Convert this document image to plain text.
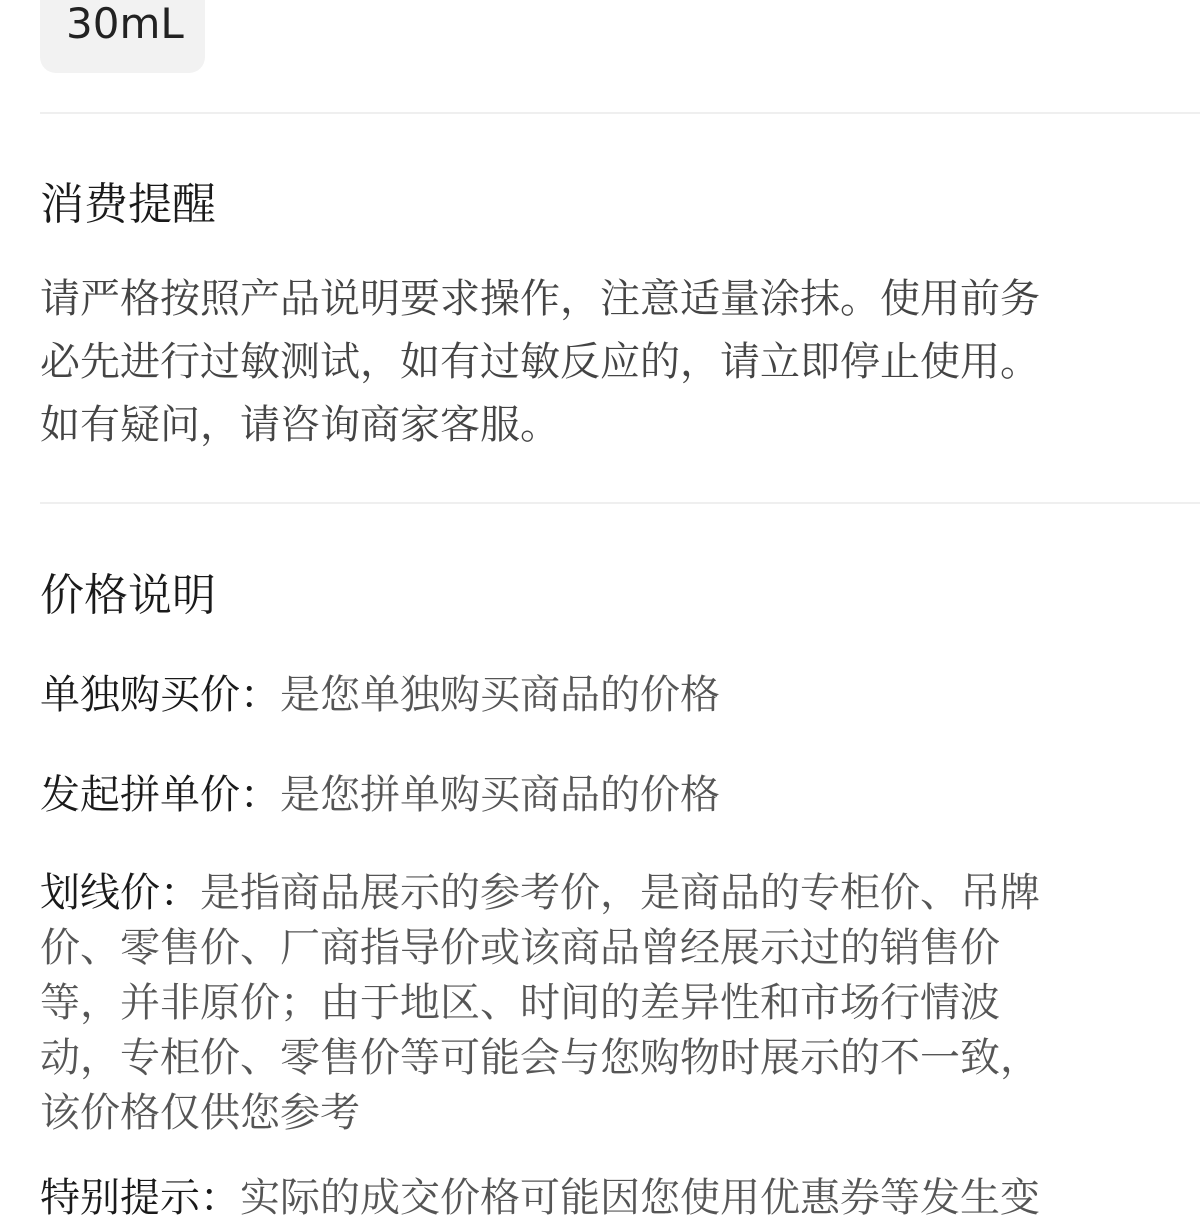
30mL
消费提醒
请严格按照产品说明要求操作，注意适量涂抹。使用前务
必先进行过敏测试，如有过敏反应的，请立即停止使用。
如有疑问，请咨询商家客服。
价格说明
单独购买价：是您单独购买商品的价格
发起拼单价：是您拼单购买商品的价格
划线价：是指商品展示的参考价，是商品的专柜价、吊牌
价、零售价、厂商指导价或该商品曾经展示过的销售价
等，并非原价；由于地区、时间的差异性和市场行情波
动，专柜价、零售价等可能会与您购物时展示的不一致，
该价格仅供您参考
特别提示：实际的成交价格可能因您使用优惠券等发生变
